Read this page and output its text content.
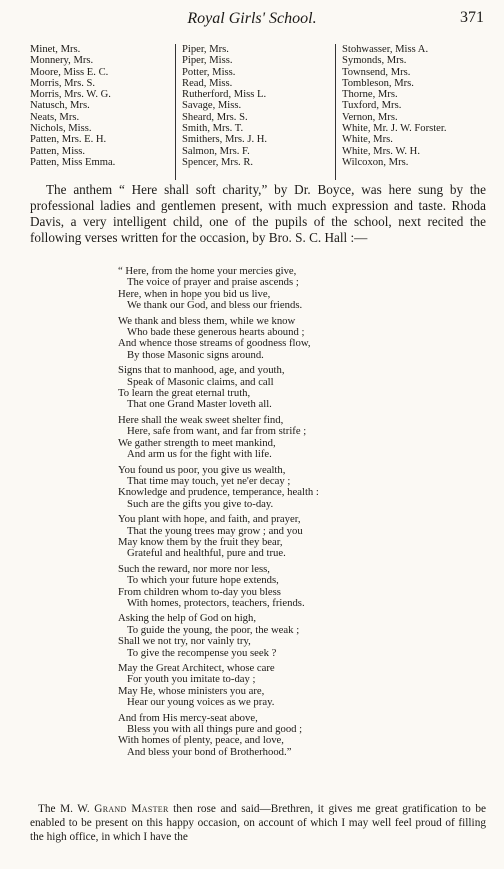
Royal Girls' School.	371
Minet, Mrs.
Monnery, Mrs.
Moore, Miss E. C.
Morris, Mrs. S.
Morris, Mrs. W. G.
Natusch, Mrs.
Neats, Mrs.
Nichols, Miss.
Patten, Mrs. E. H.
Patten, Miss.
Patten, Miss Emma.
Piper, Mrs.
Piper, Miss.
Potter, Miss.
Read, Miss.
Rutherford, Miss L.
Savage, Miss.
Sheard, Mrs. S.
Smith, Mrs. T.
Smithers, Mrs. J. H.
Salmon, Mrs. F.
Spencer, Mrs. R.
Stohwasser, Miss A.
Symonds, Mrs.
Townsend, Mrs.
Tombleson, Mrs.
Thorne, Mrs.
Tuxford, Mrs.
Vernon, Mrs.
White, Mr. J. W. Forster.
White, Mrs.
White, Mrs. W. H.
Wilcoxon, Mrs.

The anthem “ Here shall soft charity,” by Dr. Boyce, was here sung by the professional ladies and gentlemen present, with much expression and taste. Rhoda Davis, a very intelligent child, one of the pupils of the school, next recited the following verses written for the occasion, by Bro. S. C. Hall :—

“ Here, from the home your mercies give,
The voice of prayer and praise ascends ;
Here, when in hope you bid us live,
We thank our God, and bless our friends.
We thank and bless them, while we know
Who bade these generous hearts abound ;
And whence those streams of goodness flow,
By those Masonic signs around.
Signs that to manhood, age, and youth,
Speak of Masonic claims, and call
To learn the great eternal truth,
That one Grand Master loveth all.
Here shall the weak sweet shelter find,
Here, safe from want, and far from strife ;
We gather strength to meet mankind,
And arm us for the fight with life.
You found us poor, you give us wealth,
That time may touch, yet ne'er decay ;
Knowledge and prudence, temperance, health :
Such are the gifts you give to-day.
You plant with hope, and faith, and prayer,
That the young trees may grow ; and you
May know them by the fruit they bear,
Grateful and healthful, pure and true.
Such the reward, nor more nor less,
To which your future hope extends,
From children whom to-day you bless
With homes, protectors, teachers, friends.
Asking the help of God on high,
To guide the young, the poor, the weak ;
Shall we not try, nor vainly try,
To give the recompense you seek ?
May the Great Architect, whose care
For youth you imitate to-day ;
May He, whose ministers you are,
Hear our young voices as we pray.
And from His mercy-seat above,
Bless you with all things pure and good ;
With homes of plenty, peace, and love,
And bless your bond of Brotherhood.”

The M. W. Grand Master then rose and said—Brethren, it gives me great gratification to be enabled to be present on this happy occasion, on account of which I may well feel proud of filling the high office, in which I have the
